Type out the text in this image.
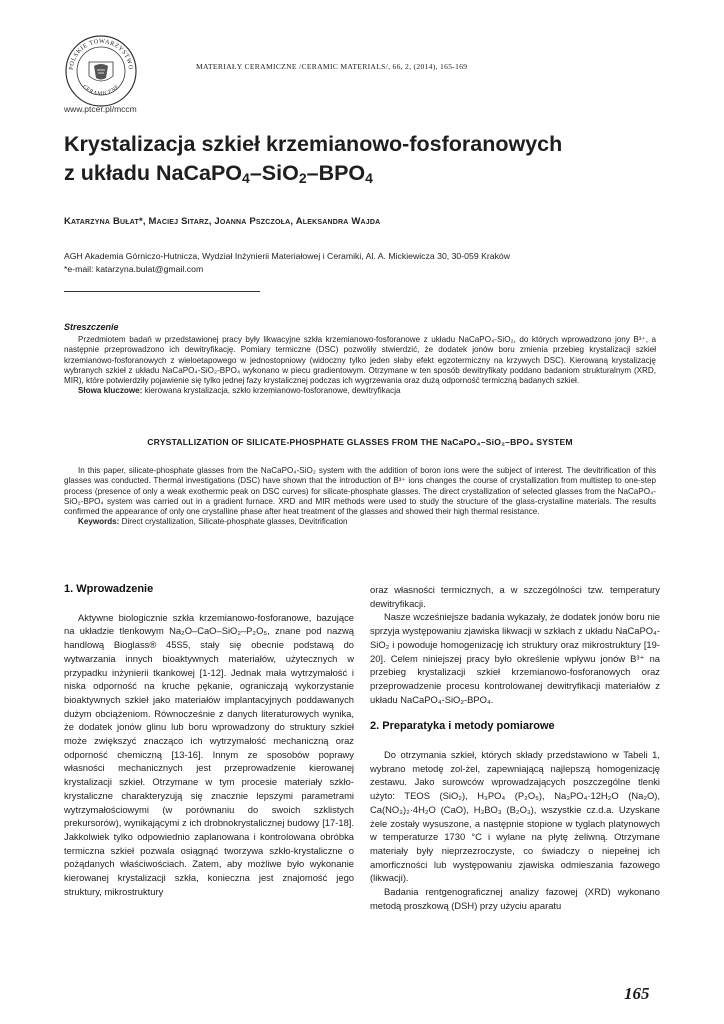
POLSKIE TOWARZYSTWO
CERAMICZNE
MATERIAŁY CERAMICZNE /CERAMIC MATERIALS/, 66, 2, (2014), 165-169
www.ptcer.pl/mccm
Krystalizacja szkieł krzemianowo-fosforanowych
z układu $NaCaPO_4-SiO_2-BPO_4$
Katarzyna Bułat*, Maciej Sitarz, Joanna Pszczoła, Aleksandra Wajda
AGH Akademia Górniczo-Hutnicza, Wydział Inżynierii Materiałowej i Ceramiki, Al. A. Mickiewicza 30, 30-059 Kraków
*e-mail: katarzyna.bulat@gmail.com
Streszczenie

Przedmiotem badań w przedstawionej pracy były likwacyjne szkła krzemianowo-fosforanowe z układu NaCaPO₄-SiO₂, do których wprowadzono jony B³⁺, a następnie przeprowadzono ich dewitryfikację. Pomiary termiczne (DSC) pozwoliły stwierdzić, że dodatek jonów boru zmienia przebieg krystalizacji szkieł krzemianowo-fosforanowych z wieloetapowego w jednostopniowy (widoczny tylko jeden słaby efekt egzotermiczny na krzywych DSC). Kierowaną krystalizację wybranych szkieł z układu NaCaPO₄-SiO₂-BPO₄ wykonano w piecu gradientowym. Otrzymane w ten sposób dewitryfikaty poddano badaniom strukturalnym (XRD, MIR), które potwierdziły pojawienie się tylko jednej fazy krystalicznej podczas ich wygrzewania oraz dużą odporność termiczną badanych szkieł.

Słowa kluczowe: kierowana krystalizacja, szkło krzemianowo-fosforanowe, dewitryfikacja

CRYSTALLIZATION OF SILICATE-PHOSPHATE GLASSES FROM THE NaCaPO₄–SiO₂–BPO₄ SYSTEM

In this paper, silicate-phosphate glasses from the NaCaPO₄-SiO₂ system with the addition of boron ions were the subject of interest. The devitrification of this glasses was conducted. Thermal investigations (DSC) have shown that the introduction of B³⁺ ions changes the course of crystallization from multistep to one-step process (presence of only a weak exothermic peak on DSC curves) for silicate-phosphate glasses. The direct crystallization of selected glasses from the NaCaPO₄-SiO₂-BPO₄ system was carried out in a gradient furnace. XRD and MIR methods were used to study the structure of the glass-crystalline materials. The results confirmed the appearance of only one crystalline phase after heat treatment of the glasses and showed their high thermal resistance.

Keywords: Direct crystallization, Silicate-phosphate glasses, Devitrification

1. Wprowadzenie

Aktywne biologicznie szkła krzemianowo-fosforanowe, bazujące na układzie tlenkowym Na₂O–CaO–SiO₂–P₂O₅, znane pod nazwą handlową Bioglass® 45S5, stały się obecnie podstawą do wytwarzania innych bioaktywnych materiałów, użytecznych w przypadku inżynierii tkankowej [1-12]. Jednak mała wytrzymałość i niska odporność na kruche pękanie, ograniczają wykorzystanie bioaktywnych szkieł jako materiałów implantacyjnych poddawanych dużym obciążeniom. Równocześnie z danych literaturowych wynika, że dodatek jonów glinu lub boru wprowadzony do struktury szkieł może zwiększyć znacząco ich wytrzymałość mechaniczną oraz odporność chemiczną [13-16]. Innym ze sposobów poprawy własności mechanicznych jest przeprowadzenie kierowanej krystalizacji szkieł. Otrzymane w tym procesie materiały szkło-krystaliczne charakteryzują się znacznie lepszymi parametrami wytrzymałościowymi (w porównaniu do swoich szklistych prekursorów), wynikającymi z ich drobnokrystalicznej budowy [17-18]. Jakkolwiek tylko odpowiednio zaplanowana i kontrolowana obróbka termiczna szkieł pozwala osiągnąć tworzywa szkło-krystaliczne o pożądanych właściwościach. Zatem, aby możliwe było wykonanie kierowanej krystalizacji szkła, konieczna jest znajomość jego struktury, mikrostruktury

oraz własności termicznych, a w szczególności tzw. temperatury dewitryfikacji.

Nasze wcześniejsze badania wykazały, że dodatek jonów boru nie sprzyja występowaniu zjawiska likwacji w szkłach z układu NaCaPO₄-SiO₂ i powoduje homogenizację ich struktury oraz mikrostruktury [19-20]. Celem niniejszej pracy było określenie wpływu jonów B³⁺ na przebieg krystalizacji szkieł krzemianowo-fosforanowych oraz przeprowadzenie procesu kontrolowanej dewitryfikacji materiałów z układu NaCaPO₄-SiO₂-BPO₄.

2. Preparatyka i metody pomiarowe

Do otrzymania szkieł, których składy przedstawiono w Tabeli 1, wybrano metodę zol-żel, zapewniającą najlepszą homogenizację zestawu. Jako surowców wprowadzających poszczególne tlenki użyto: TEOS (SiO₂), H₃PO₄ (P₂O₅), Na₃PO₄·12H₂O (Na₂O), Ca(NO₃)₂·4H₂O (CaO), H₃BO₃ (B₂O₃), wszystkie cz.d.a. Uzyskane żele zostały wysuszone, a następnie stopione w tyglach platynowych w temperaturze 1730 °C i wylane na płytę żeliwną. Otrzymane materiały były nieprzezroczyste, co świadczy o niepełnej ich amorficzności lub występowaniu zjawiska odmieszania fazowego (likwacji).

Badania rentgenograficznej analizy fazowej (XRD) wykonano metodą proszkową (DSH) przy użyciu aparatu

165
